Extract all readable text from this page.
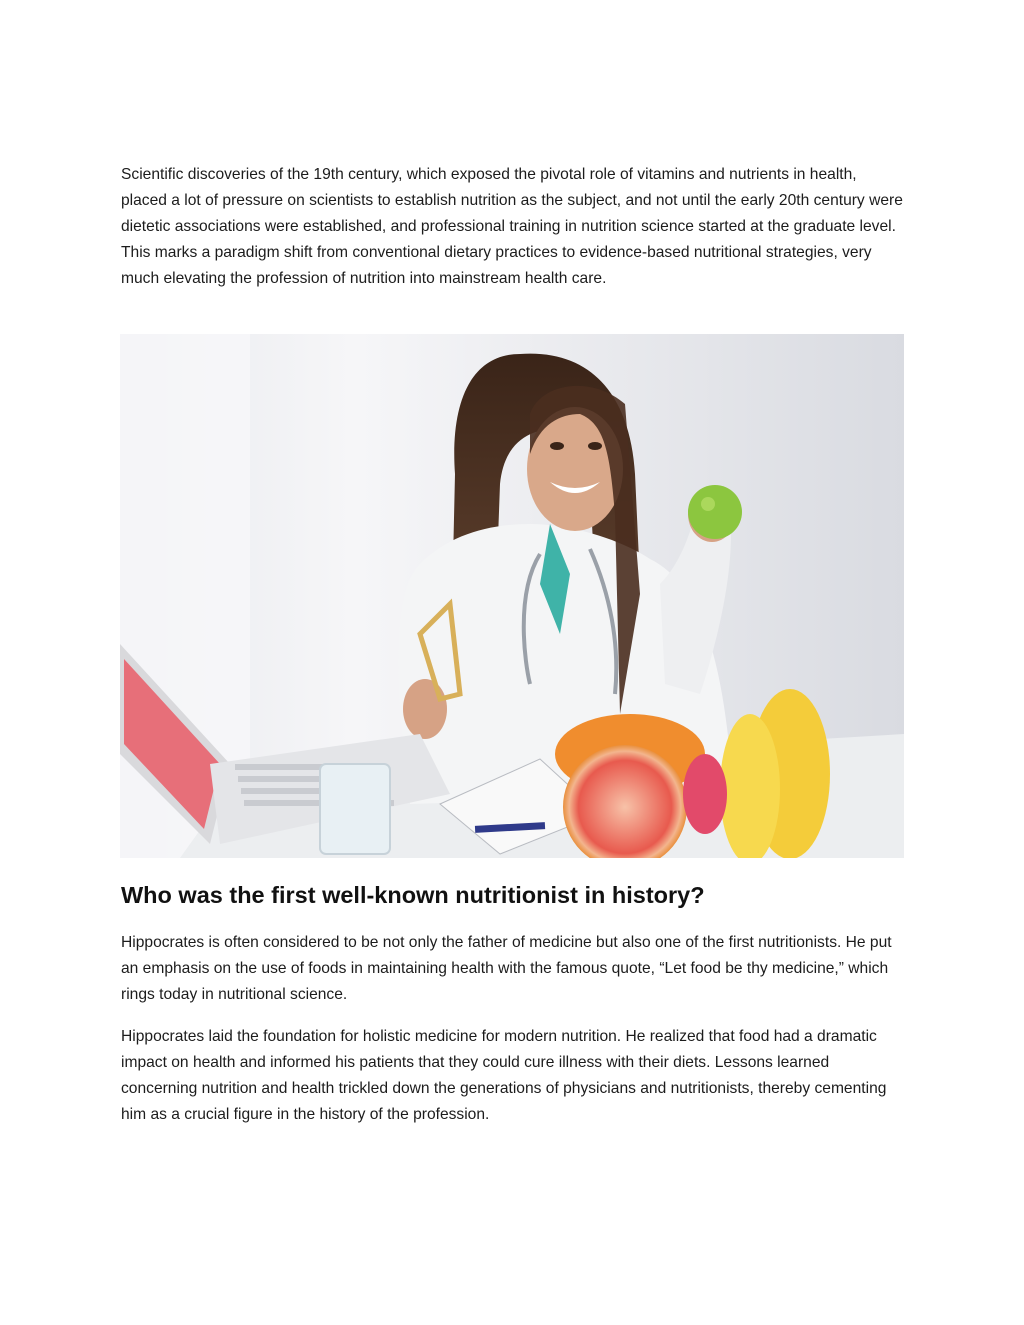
Scientific discoveries of the 19th century, which exposed the pivotal role of vitamins and nutrients in health, placed a lot of pressure on scientists to establish nutrition as the subject, and not until the early 20th century were dietetic associations were established, and professional training in nutrition science started at the graduate level. This marks a paradigm shift from conventional dietary practices to evidence-based nutritional strategies, very much elevating the profession of nutrition into mainstream health care.

Who was the first well-known nutritionist in history?

Hippocrates is often considered to be not only the father of medicine but also one of the first nutritionists. He put an emphasis on the use of foods in maintaining health with the famous quote, “Let food be thy medicine,” which rings today in nutritional science.

Hippocrates laid the foundation for holistic medicine for modern nutrition. He realized that food had a dramatic impact on health and informed his patients that they could cure illness with their diets. Lessons learned concerning nutrition and health trickled down the generations of physicians and nutritionists, thereby cementing him as a crucial figure in the history of the profession.
